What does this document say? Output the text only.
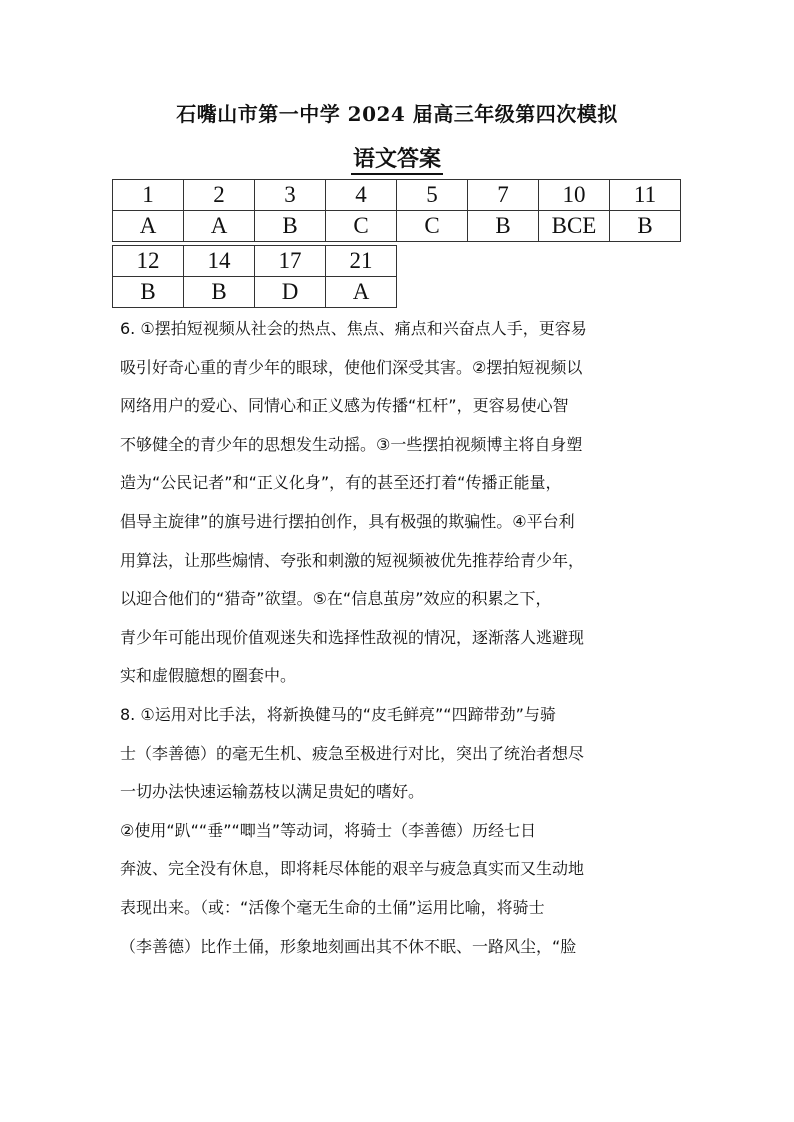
石嘴山市第一中学 2024 届高三年级第四次模拟
语文答案
1	2	3	4	5	7	10	11
A	A	B	C	C	B	BCE	B
12	14	17	21
B	B	D	A
6. ①摆拍短视频从社会的热点、焦点、痛点和兴奋点人手，更容易
吸引好奇心重的青少年的眼球，使他们深受其害。②摆拍短视频以
网络用户的爱心、同情心和正义感为传播“杠杆”，更容易使心智
不够健全的青少年的思想发生动摇。③一些摆拍视频博主将自身塑
造为“公民记者”和“正义化身”，有的甚至还打着“传播正能量，
倡导主旋律”的旗号进行摆拍创作，具有极强的欺骗性。④平台利
用算法，让那些煽情、夸张和刺激的短视频被优先推荐给青少年，
以迎合他们的“猎奇”欲望。⑤在“信息茧房”效应的积累之下，
青少年可能出现价值观迷失和选择性敌视的情况，逐渐落人逃避现
实和虚假臆想的圈套中。
8. ①运用对比手法，将新换健马的“皮毛鲜亮”“四蹄带劲”与骑
士（李善德）的毫无生机、疲急至极进行对比，突出了统治者想尽
一切办法快速运输荔枝以满足贵妃的嗜好。
②使用“趴““垂”“唧当”等动词，将骑士（李善德）历经七日
奔波、完全没有休息，即将耗尽体能的艰辛与疲急真实而又生动地
表现出来。（或：“活像个毫无生命的土俑”运用比喻，将骑士
（李善德）比作土俑，形象地刻画出其不休不眠、一路风尘，“脸
